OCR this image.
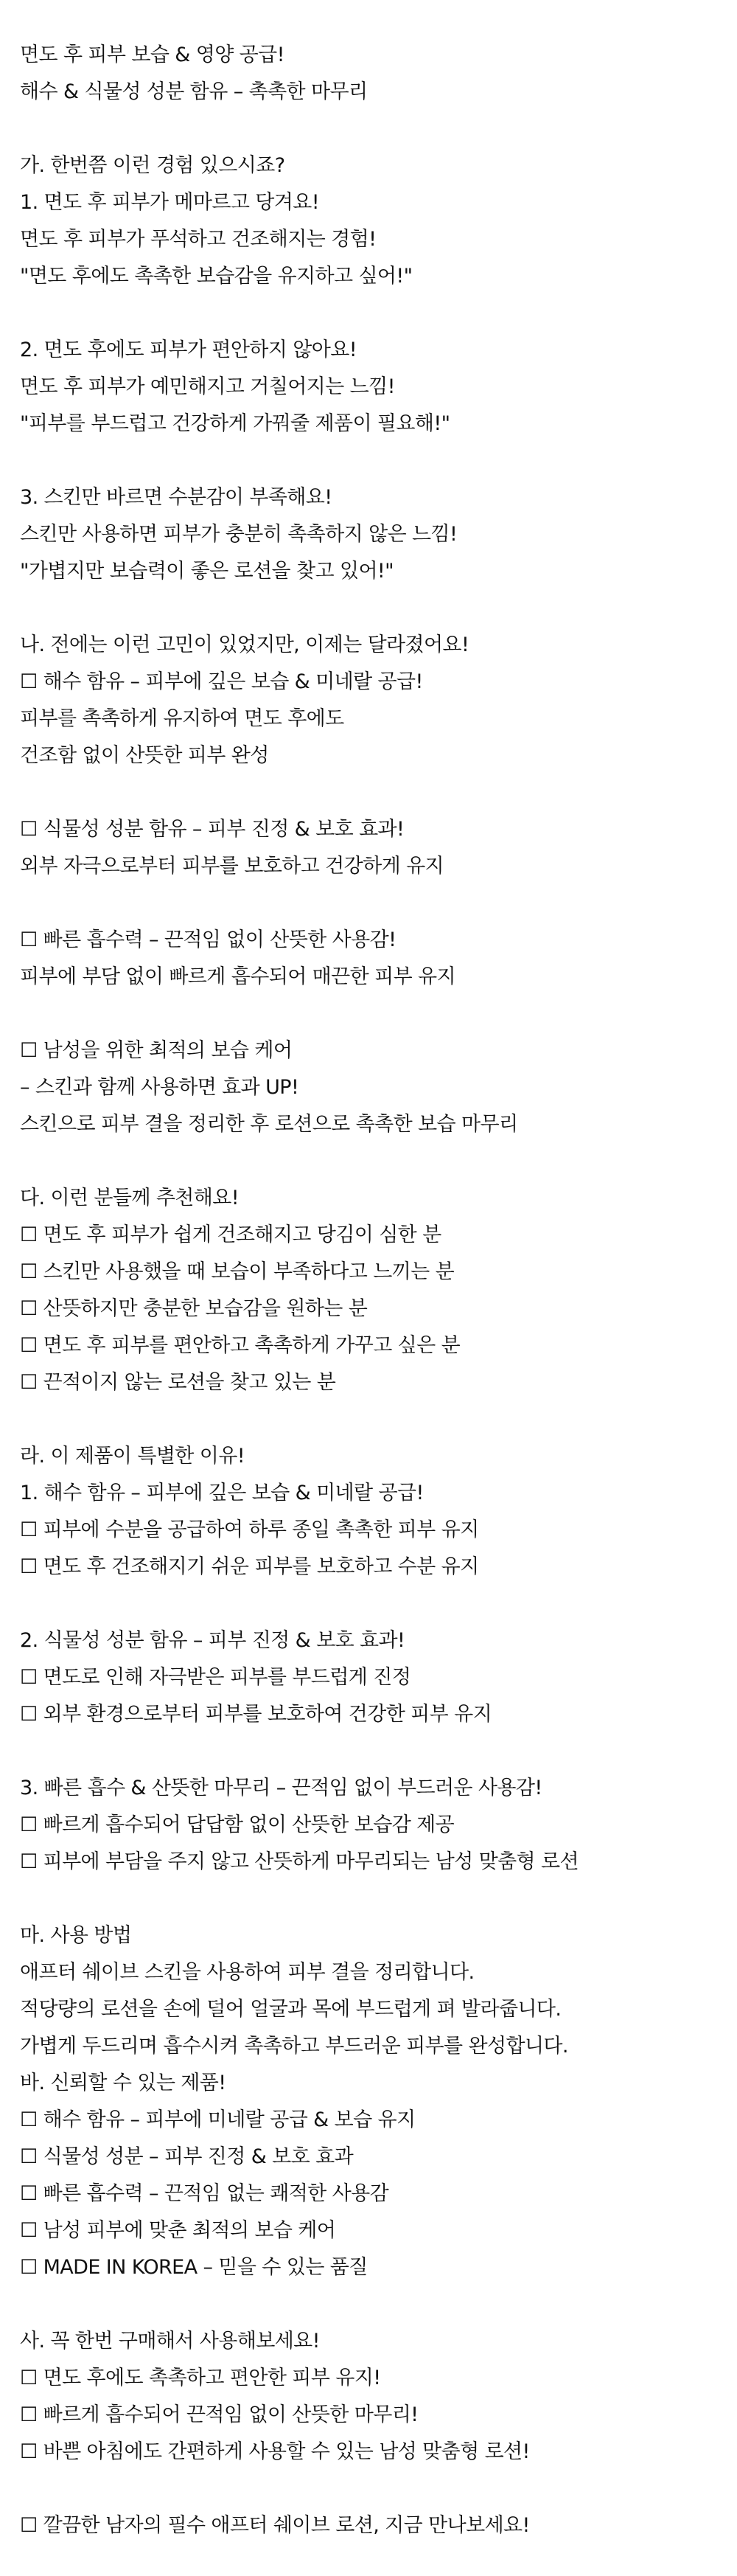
면도 후 피부 보습 & 영양 공급!
해수 & 식물성 성분 함유 – 촉촉한 마무리
가. 한번쯤 이런 경험 있으시죠?
1. 면도 후 피부가 메마르고 당겨요!
면도 후 피부가 푸석하고 건조해지는 경험!
"면도 후에도 촉촉한 보습감을 유지하고 싶어!"
2. 면도 후에도 피부가 편안하지 않아요!
면도 후 피부가 예민해지고 거칠어지는 느낌!
"피부를 부드럽고 건강하게 가꿔줄 제품이 필요해!"
3. 스킨만 바르면 수분감이 부족해요!
스킨만 사용하면 피부가 충분히 촉촉하지 않은 느낌!
"가볍지만 보습력이 좋은 로션을 찾고 있어!"
나. 전에는 이런 고민이 있었지만, 이제는 달라졌어요!
☐ 해수 함유 – 피부에 깊은 보습 & 미네랄 공급!
피부를 촉촉하게 유지하여 면도 후에도
건조함 없이 산뜻한 피부 완성
☐ 식물성 성분 함유 – 피부 진정 & 보호 효과!
외부 자극으로부터 피부를 보호하고 건강하게 유지
☐ 빠른 흡수력 – 끈적임 없이 산뜻한 사용감!
피부에 부담 없이 빠르게 흡수되어 매끈한 피부 유지
☐ 남성을 위한 최적의 보습 케어
– 스킨과 함께 사용하면 효과 UP!
스킨으로 피부 결을 정리한 후 로션으로 촉촉한 보습 마무리
다. 이런 분들께 추천해요!
☐ 면도 후 피부가 쉽게 건조해지고 당김이 심한 분
☐ 스킨만 사용했을 때 보습이 부족하다고 느끼는 분
☐ 산뜻하지만 충분한 보습감을 원하는 분
☐ 면도 후 피부를 편안하고 촉촉하게 가꾸고 싶은 분
☐ 끈적이지 않는 로션을 찾고 있는 분
라. 이 제품이 특별한 이유!
1. 해수 함유 – 피부에 깊은 보습 & 미네랄 공급!
☐ 피부에 수분을 공급하여 하루 종일 촉촉한 피부 유지
☐ 면도 후 건조해지기 쉬운 피부를 보호하고 수분 유지
2. 식물성 성분 함유 – 피부 진정 & 보호 효과!
☐ 면도로 인해 자극받은 피부를 부드럽게 진정
☐ 외부 환경으로부터 피부를 보호하여 건강한 피부 유지
3. 빠른 흡수 & 산뜻한 마무리 – 끈적임 없이 부드러운 사용감!
☐ 빠르게 흡수되어 답답함 없이 산뜻한 보습감 제공
☐ 피부에 부담을 주지 않고 산뜻하게 마무리되는 남성 맞춤형 로션
마. 사용 방법
애프터 쉐이브 스킨을 사용하여 피부 결을 정리합니다.
적당량의 로션을 손에 덜어 얼굴과 목에 부드럽게 펴 발라줍니다.
가볍게 두드리며 흡수시켜 촉촉하고 부드러운 피부를 완성합니다.
바. 신뢰할 수 있는 제품!
☐ 해수 함유 – 피부에 미네랄 공급 & 보습 유지
☐ 식물성 성분 – 피부 진정 & 보호 효과
☐ 빠른 흡수력 – 끈적임 없는 쾌적한 사용감
☐ 남성 피부에 맞춘 최적의 보습 케어
☐ MADE IN KOREA – 믿을 수 있는 품질
사. 꼭 한번 구매해서 사용해보세요!
☐ 면도 후에도 촉촉하고 편안한 피부 유지!
☐ 빠르게 흡수되어 끈적임 없이 산뜻한 마무리!
☐ 바쁜 아침에도 간편하게 사용할 수 있는 남성 맞춤형 로션!
☐ 깔끔한 남자의 필수 애프터 쉐이브 로션, 지금 만나보세요!
